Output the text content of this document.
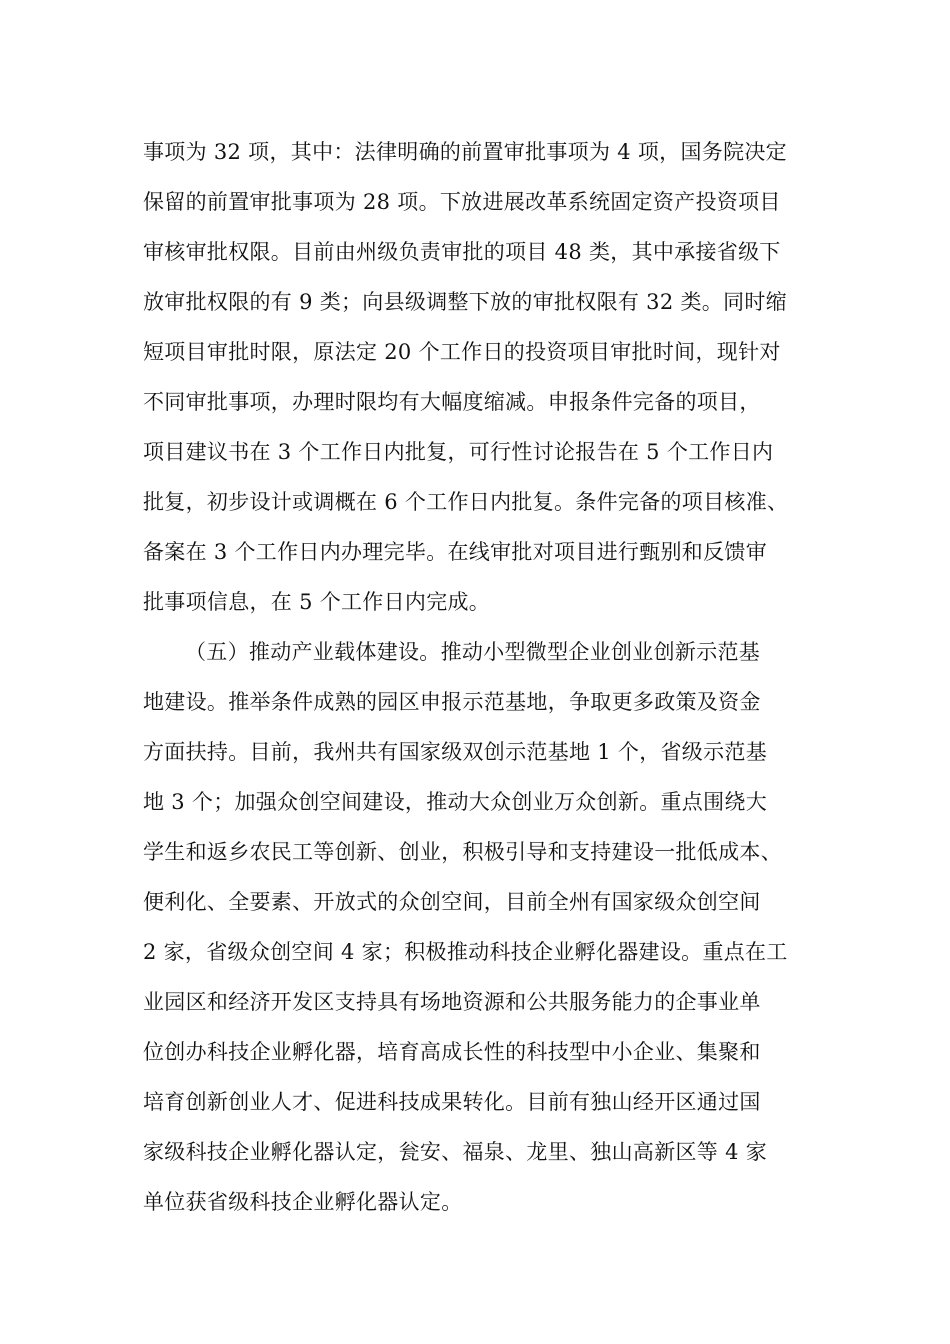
事项为 32 项，其中：法律明确的前置审批事项为 4 项，国务院决定
保留的前置审批事项为 28 项。下放进展改革系统固定资产投资项目
审核审批权限。目前由州级负责审批的项目 48 类，其中承接省级下
放审批权限的有 9 类；向县级调整下放的审批权限有 32 类。同时缩
短项目审批时限，原法定 20 个工作日的投资项目审批时间，现针对
不同审批事项，办理时限均有大幅度缩减。申报条件完备的项目，
项目建议书在 3 个工作日内批复，可行性讨论报告在 5 个工作日内
批复，初步设计或调概在 6 个工作日内批复。条件完备的项目核准、
备案在 3 个工作日内办理完毕。在线审批对项目进行甄别和反馈审
批事项信息，在 5 个工作日内完成。
（五）推动产业载体建设。推动小型微型企业创业创新示范基
地建设。推举条件成熟的园区申报示范基地，争取更多政策及资金
方面扶持。目前，我州共有国家级双创示范基地 1 个，省级示范基
地 3 个；加强众创空间建设，推动大众创业万众创新。重点围绕大
学生和返乡农民工等创新、创业，积极引导和支持建设一批低成本、
便利化、全要素、开放式的众创空间，目前全州有国家级众创空间
2 家，省级众创空间 4 家；积极推动科技企业孵化器建设。重点在工
业园区和经济开发区支持具有场地资源和公共服务能力的企事业单
位创办科技企业孵化器，培育高成长性的科技型中小企业、集聚和
培育创新创业人才、促进科技成果转化。目前有独山经开区通过国
家级科技企业孵化器认定，瓮安、福泉、龙里、独山高新区等 4 家
单位获省级科技企业孵化器认定。
